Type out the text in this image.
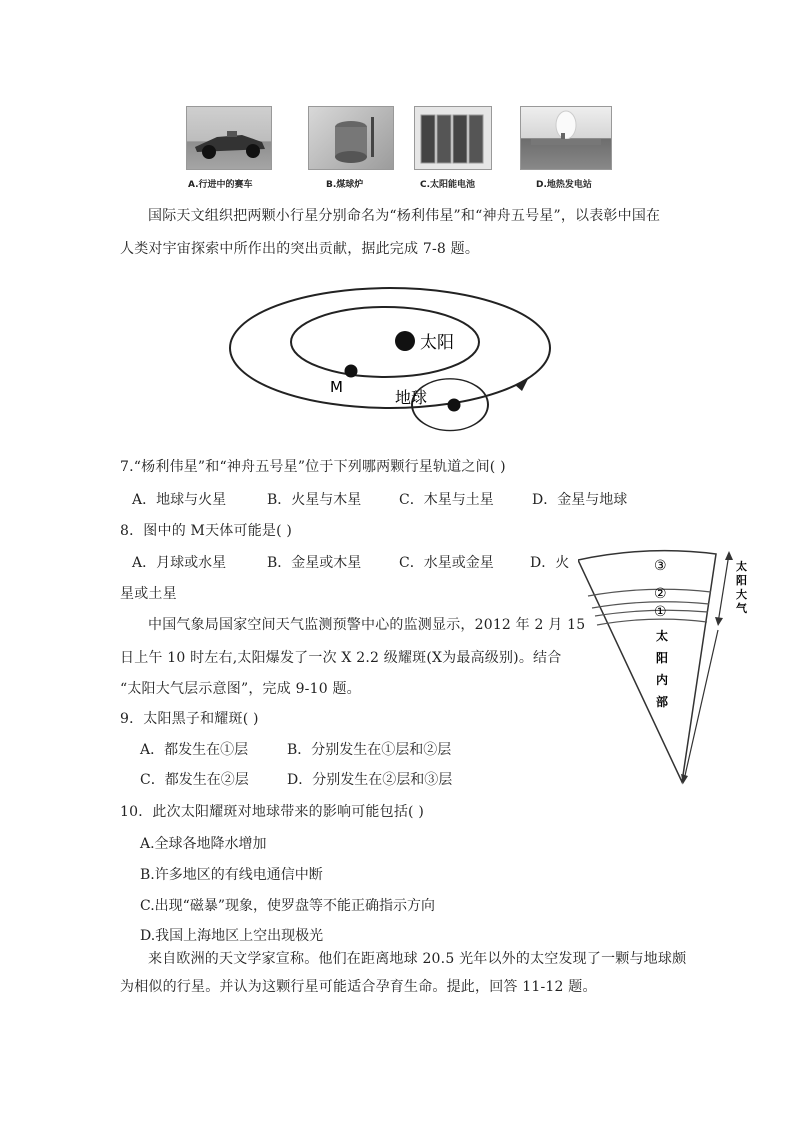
A.行进中的赛车	B.煤球炉	C.太阳能电池	D.地热发电站
国际天文组织把两颗小行星分别命名为“杨利伟星”和“神舟五号星”，以表彰中国在
人类对宇宙探索中所作出的突出贡献，据此完成 7-8 题。
太阳
M
地球
7.“杨利伟星”和“神舟五号星”位于下列哪两颗行星轨道之间( )
A．地球与火星	B．火星与木星	C．木星与土星	D．金星与地球
8．图中的 M天体可能是( )
A．月球或水星	B．金星或木星	C．水星或金星	D．火
星或土星
中国气象局国家空间天气监测预警中心的监测显示，2012 年 2 月 15
日上午 10 时左右,太阳爆发了一次 X 2.2 级耀斑(X为最高级别)。结合
“太阳大气层示意图”，完成 9-10 题。
③
②
①
太
阳
大
气
太
阳
内
部
9．太阳黑子和耀斑( )
A．都发生在①层	B．分别发生在①层和②层
C．都发生在②层	D．分别发生在②层和③层
10．此次太阳耀斑对地球带来的影响可能包括( )
A.全球各地降水增加
B.许多地区的有线电通信中断
C.出现“磁暴”现象，使罗盘等不能正确指示方向
D.我国上海地区上空出现极光
来自欧洲的天文学家宣称。他们在距离地球 20.5 光年以外的太空发现了一颗与地球颇
为相似的行星。并认为这颗行星可能适合孕育生命。提此，回答 11-12 题。
